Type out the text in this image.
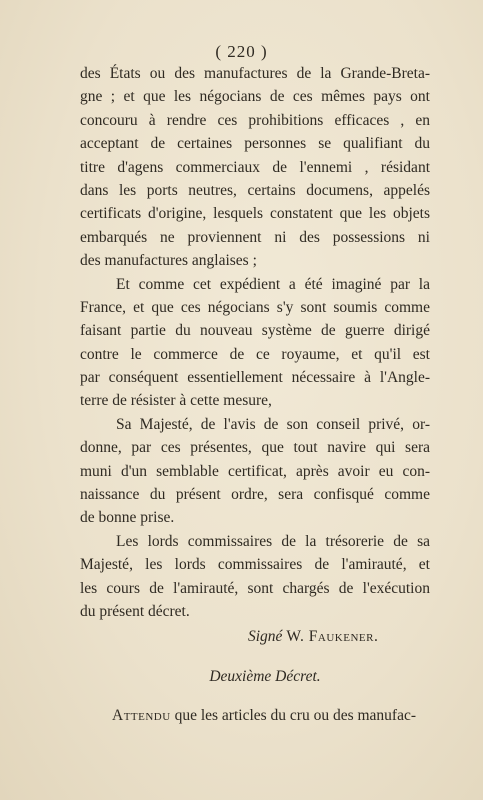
( 220 )
des États ou des manufactures de la Grande-Breta-
gne ; et que les négocians de ces mêmes pays ont
concouru à rendre ces prohibitions efficaces , en
acceptant de certaines personnes se qualifiant du
titre d'agens commerciaux de l'ennemi , résidant
dans les ports neutres, certains documens, appelés
certificats d'origine, lesquels constatent que les objets
embarqués ne proviennent ni des possessions ni
des manufactures anglaises ;
Et comme cet expédient a été imaginé par la
France, et que ces négocians s'y sont soumis comme
faisant partie du nouveau système de guerre dirigé
contre le commerce de ce royaume, et qu'il est
par conséquent essentiellement nécessaire à l'Angle-
terre de résister à cette mesure,
Sa Majesté, de l'avis de son conseil privé, or-
donne, par ces présentes, que tout navire qui sera
muni d'un semblable certificat, après avoir eu con-
naissance du présent ordre, sera confisqué comme
de bonne prise.
Les lords commissaires de la trésorerie de sa
Majesté, les lords commissaires de l'amirauté, et
les cours de l'amirauté, sont chargés de l'exécution
du présent décret.
Signé W. Faukener.
Deuxième Décret.
Attendu que les articles du cru ou des manufac-
